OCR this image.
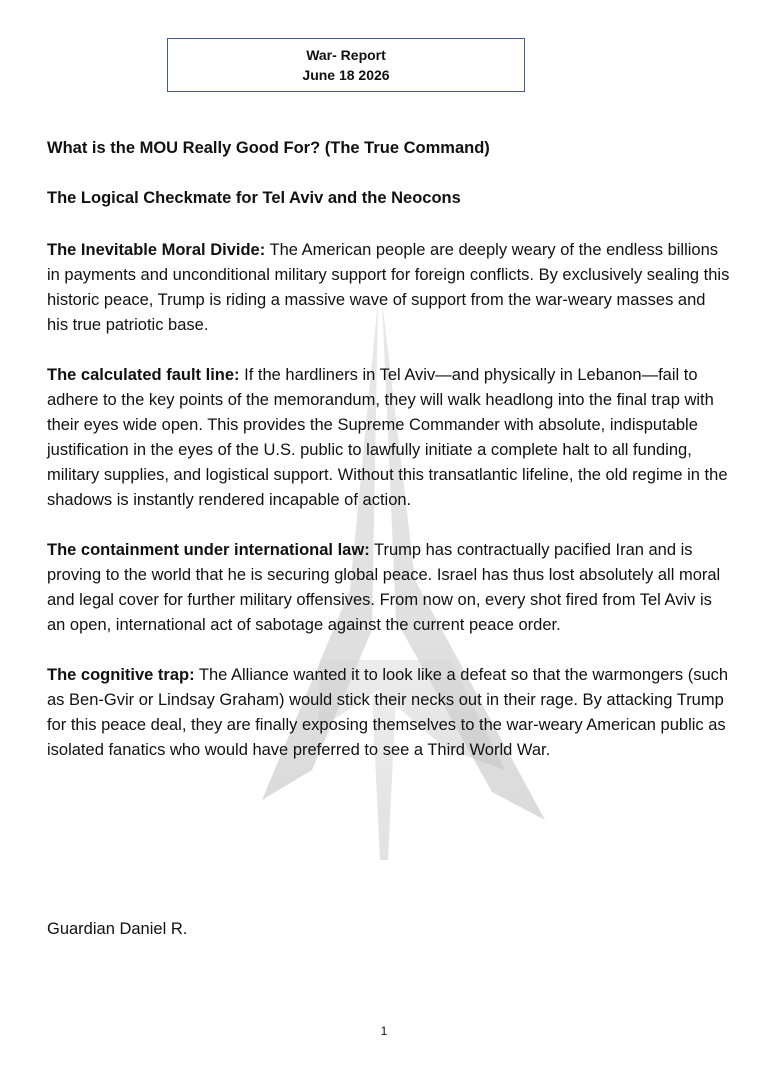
War- Report
June 18 2026

What is the MOU Really Good For? (The True Command)

The Logical Checkmate for Tel Aviv and the Neocons

The Inevitable Moral Divide: The American people are deeply weary of the endless billions in payments and unconditional military support for foreign conflicts. By exclusively sealing this historic peace, Trump is riding a massive wave of support from the war-weary masses and his true patriotic base.

The calculated fault line: If the hardliners in Tel Aviv—and physically in Lebanon—fail to adhere to the key points of the memorandum, they will walk headlong into the final trap with their eyes wide open. This provides the Supreme Commander with absolute, indisputable justification in the eyes of the U.S. public to lawfully initiate a complete halt to all funding, military supplies, and logistical support. Without this transatlantic lifeline, the old regime in the shadows is instantly rendered incapable of action.

The containment under international law: Trump has contractually pacified Iran and is proving to the world that he is securing global peace. Israel has thus lost absolutely all moral and legal cover for further military offensives. From now on, every shot fired from Tel Aviv is an open, international act of sabotage against the current peace order.

The cognitive trap: The Alliance wanted it to look like a defeat so that the warmongers (such as Ben-Gvir or Lindsay Graham) would stick their necks out in their rage. By attacking Trump for this peace deal, they are finally exposing themselves to the war-weary American public as isolated fanatics who would have preferred to see a Third World War.

Guardian Daniel R.
1
